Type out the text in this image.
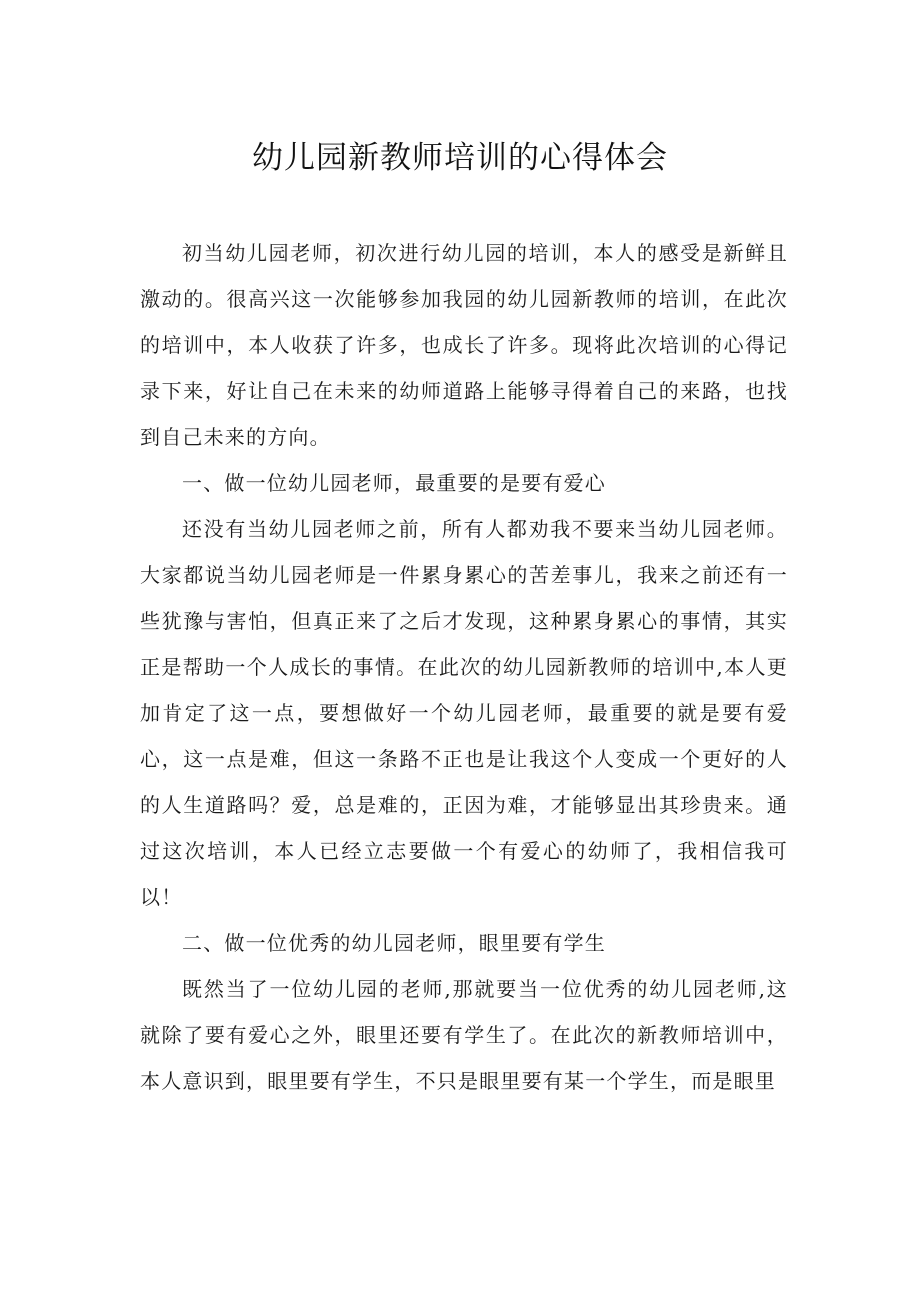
幼儿园新教师培训的心得体会

初当幼儿园老师，初次进行幼儿园的培训，本人的感受是新鲜且激动的。很高兴这一次能够参加我园的幼儿园新教师的培训，在此次的培训中，本人收获了许多，也成长了许多。现将此次培训的心得记录下来，好让自己在未来的幼师道路上能够寻得着自己的来路，也找到自己未来的方向。

一、做一位幼儿园老师，最重要的是要有爱心

还没有当幼儿园老师之前，所有人都劝我不要来当幼儿园老师。大家都说当幼儿园老师是一件累身累心的苦差事儿，我来之前还有一些犹豫与害怕，但真正来了之后才发现，这种累身累心的事情，其实正是帮助一个人成长的事情。在此次的幼儿园新教师的培训中,本人更加肯定了这一点，要想做好一个幼儿园老师，最重要的就是要有爱心，这一点是难，但这一条路不正也是让我这个人变成一个更好的人的人生道路吗？爱，总是难的，正因为难，才能够显出其珍贵来。通过这次培训，本人已经立志要做一个有爱心的幼师了，我相信我可以！

二、做一位优秀的幼儿园老师，眼里要有学生

既然当了一位幼儿园的老师,那就要当一位优秀的幼儿园老师,这就除了要有爱心之外，眼里还要有学生了。在此次的新教师培训中，本人意识到，眼里要有学生，不只是眼里要有某一个学生，而是眼里
